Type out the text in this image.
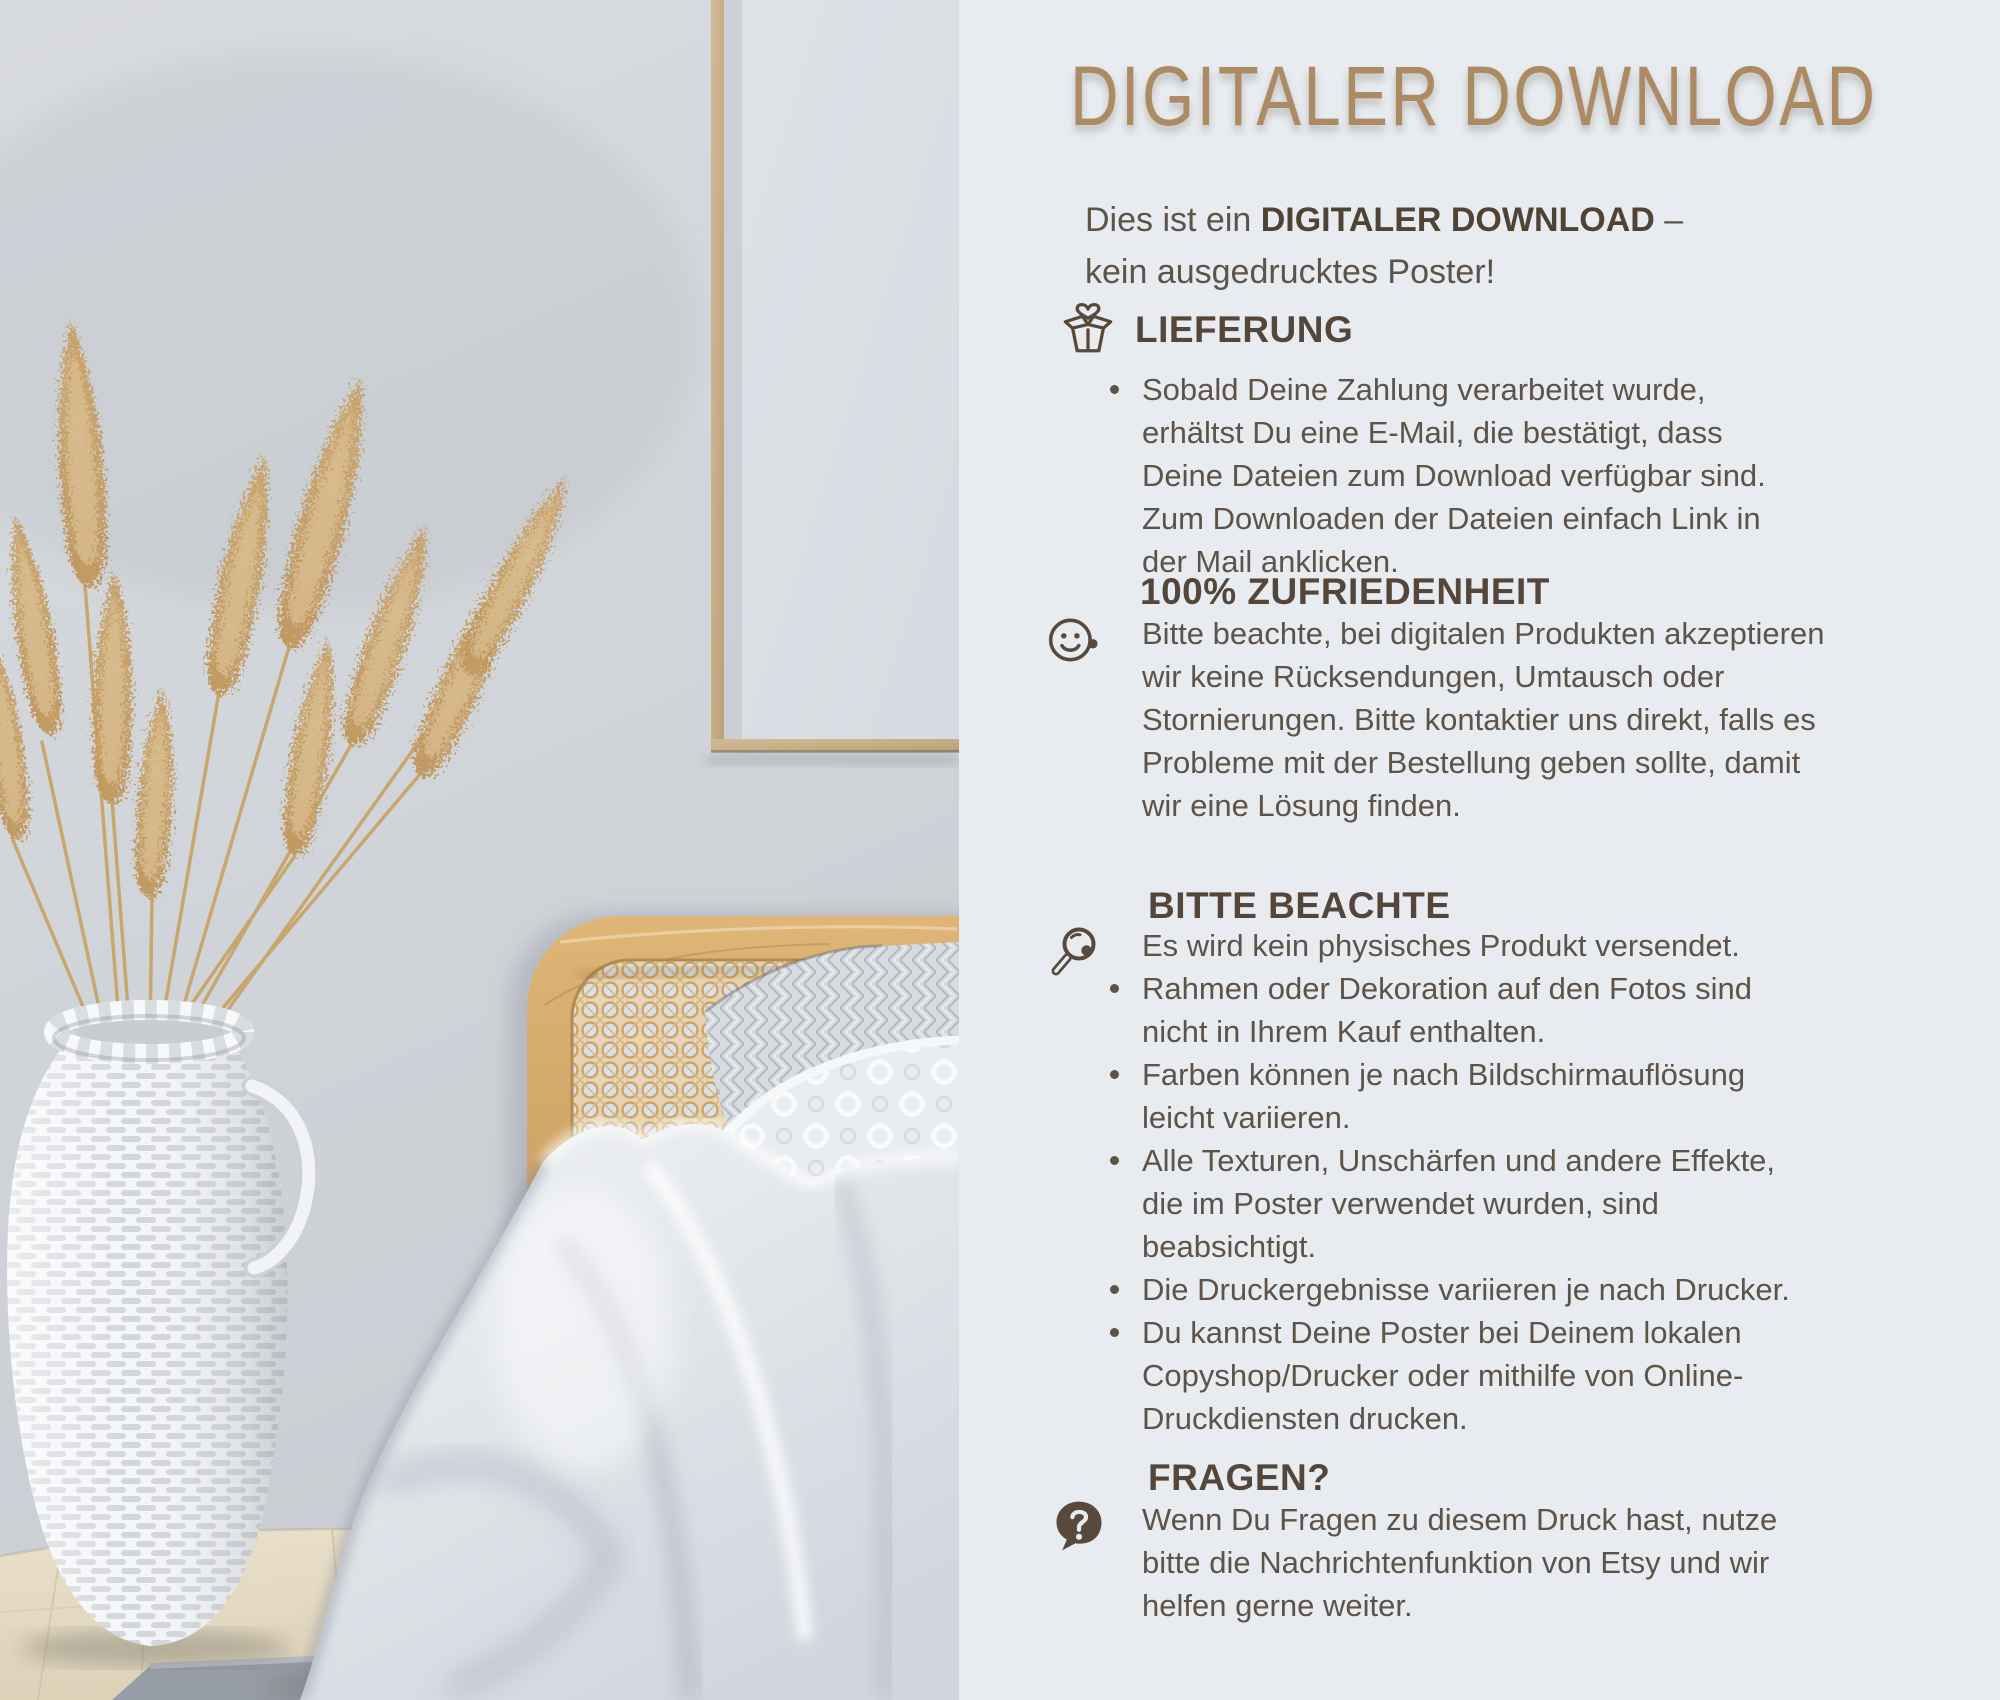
DIGITALER DOWNLOAD

Dies ist ein DIGITALER DOWNLOAD – kein ausgedrucktes Poster!

LIEFERUNG
Sobald Deine Zahlung verarbeitet wurde, erhältst Du eine E-Mail, die bestätigt, dass Deine Dateien zum Download verfügbar sind. Zum Downloaden der Dateien einfach Link in der Mail anklicken.
100% ZUFRIEDENHEIT
Bitte beachte, bei digitalen Produkten akzeptieren wir keine Rücksendungen, Umtausch oder Stornierungen. Bitte kontaktier uns direkt, falls es Probleme mit der Bestellung geben sollte, damit wir eine Lösung finden.
BITTE BEACHTE
Es wird kein physisches Produkt versendet.
Rahmen oder Dekoration auf den Fotos sind nicht in Ihrem Kauf enthalten.
Farben können je nach Bildschirmauflösung leicht variieren.
Alle Texturen, Unschärfen und andere Effekte, die im Poster verwendet wurden, sind beabsichtigt.
Die Druckergebnisse variieren je nach Drucker.
Du kannst Deine Poster bei Deinem lokalen Copyshop/Drucker oder mithilfe von Online-Druckdiensten drucken.
FRAGEN?
Wenn Du Fragen zu diesem Druck hast, nutze bitte die Nachrichtenfunktion von Etsy und wir helfen gerne weiter.
